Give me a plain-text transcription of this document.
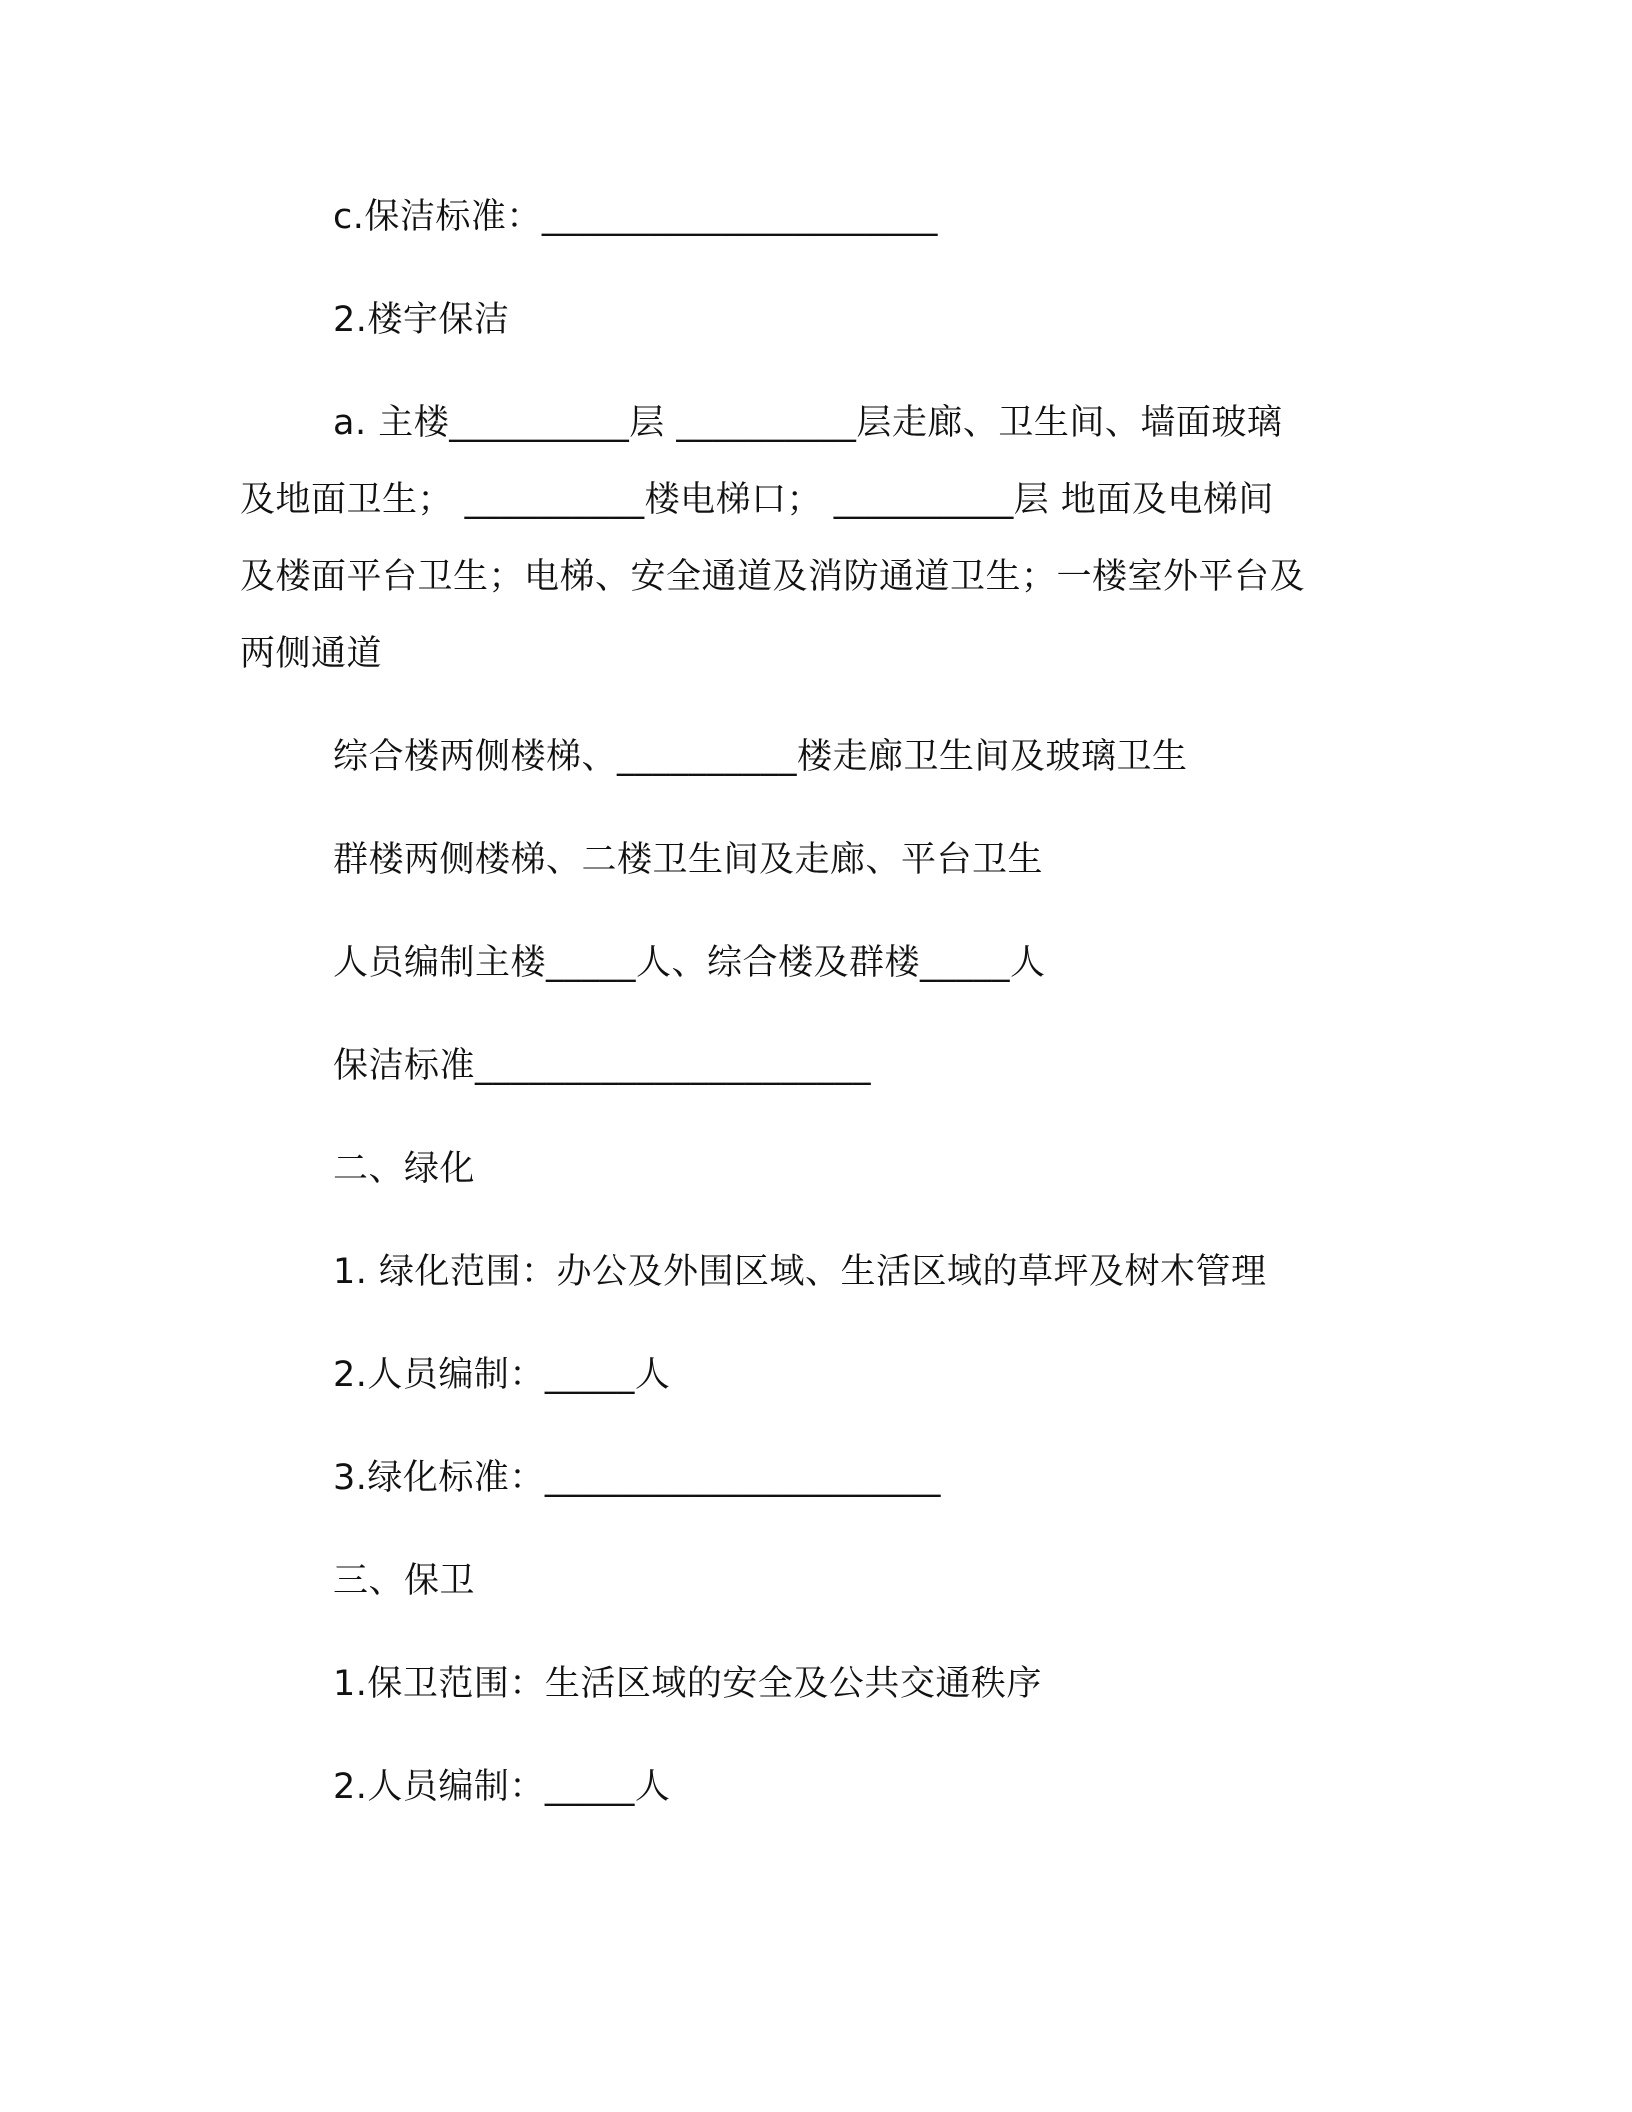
c.保洁标准：______________________

2.楼宇保洁

a. 主楼__________层 __________层走廊、卫生间、墙面玻璃

及地面卫生； __________楼电梯口； __________层 地面及电梯间

及楼面平台卫生；电梯、安全通道及消防通道卫生；一楼室外平台及

两侧通道

综合楼两侧楼梯、__________楼走廊卫生间及玻璃卫生

群楼两侧楼梯、二楼卫生间及走廊、平台卫生

人员编制主楼_____人、综合楼及群楼_____人

保洁标准______________________

二、绿化

1. 绿化范围：办公及外围区域、生活区域的草坪及树木管理

2.人员编制：_____人

3.绿化标准：______________________

三、保卫

1.保卫范围：生活区域的安全及公共交通秩序

2.人员编制：_____人
